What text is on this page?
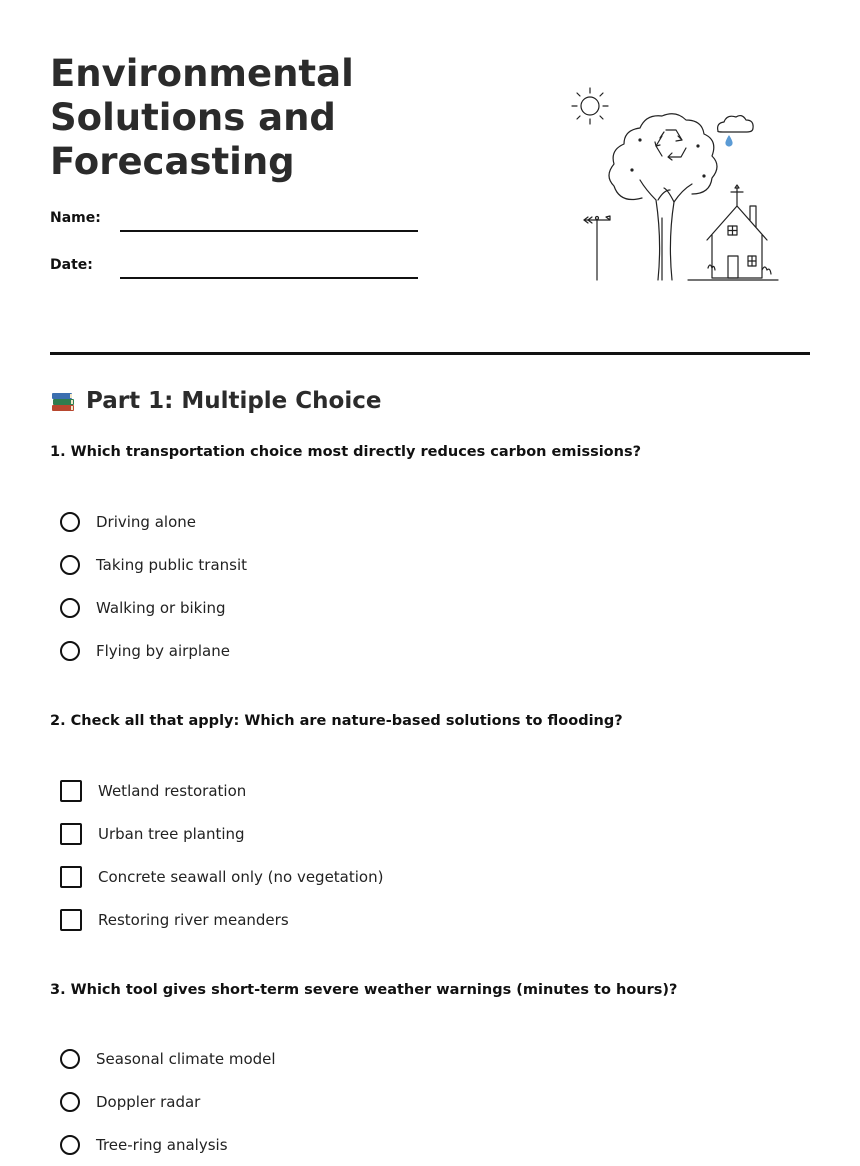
Environmental Solutions and Forecasting
Name:
Date:
Part 1: Multiple Choice

1. Which transportation choice most directly reduces carbon emissions?

Driving alone
Taking public transit
Walking or biking
Flying by airplane

2. Check all that apply: Which are nature-based solutions to flooding?

Wetland restoration
Urban tree planting
Concrete seawall only (no vegetation)
Restoring river meanders

3. Which tool gives short-term severe weather warnings (minutes to hours)?

Seasonal climate model
Doppler radar
Tree-ring analysis
